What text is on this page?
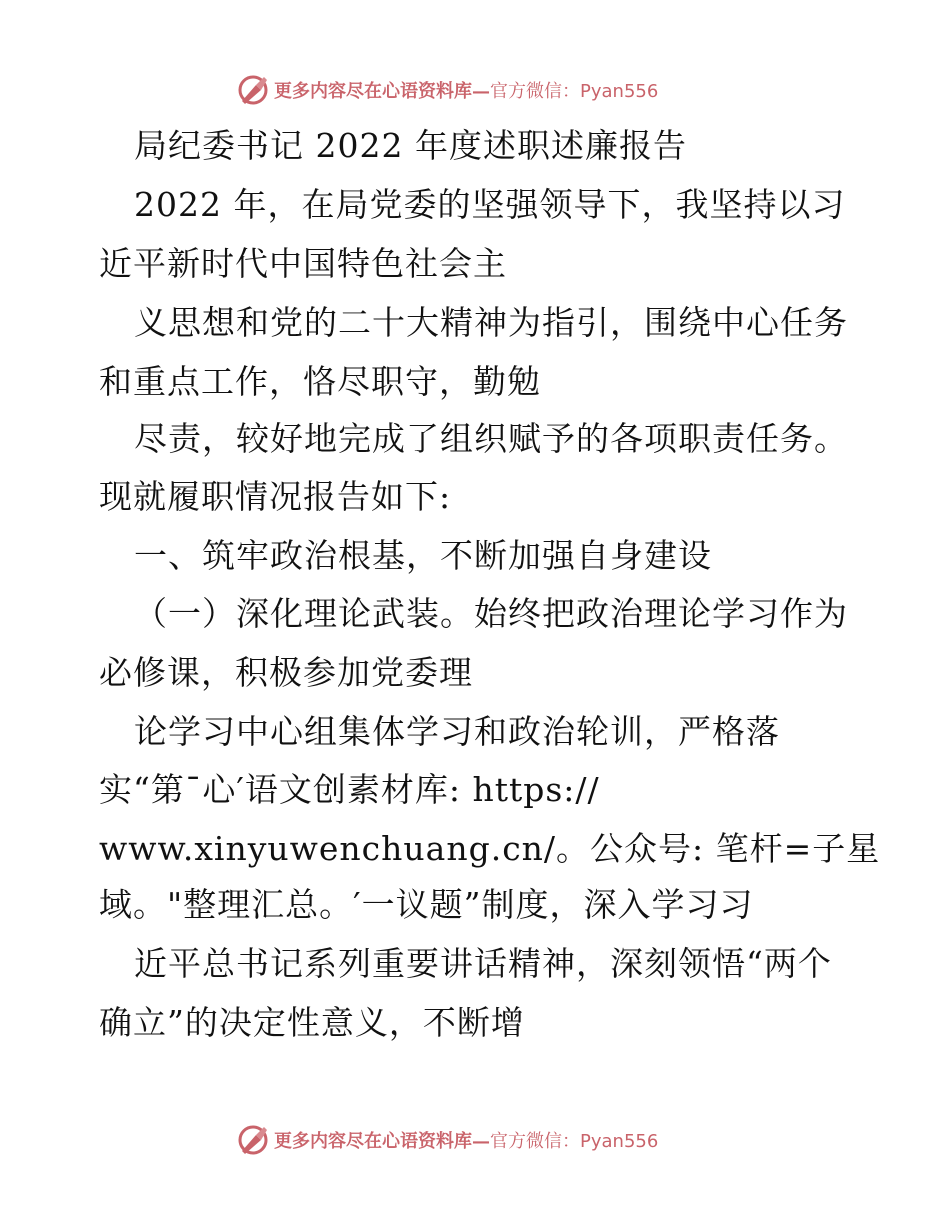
更多内容尽在心语资料库— 官方微信：Pyan556
局纪委书记 2022 年度述职述廉报告
2022 年，在局党委的坚强领导下，我坚持以习
近平新时代中国特色社会主
义思想和党的二十大精神为指引，围绕中心任务
和重点工作，恪尽职守，勤勉
尽责，较好地完成了组织赋予的各项职责任务。
现就履职情况报告如下:
一、筑牢政治根基，不断加强自身建设
（一）深化理论武装。始终把政治理论学习作为
必修课，积极参加党委理
论学习中心组集体学习和政治轮训，严格落
实“第¯心′语文创素材库: https://
www.xinyuwenchuang.cn/。公众号: 笔杆=子星
域。"整理汇总。′一议题”制度，深入学习习
近平总书记系列重要讲话精神，深刻领悟“两个
确立”的决定性意义，不断增
更多内容尽在心语资料库— 官方微信：Pyan556
